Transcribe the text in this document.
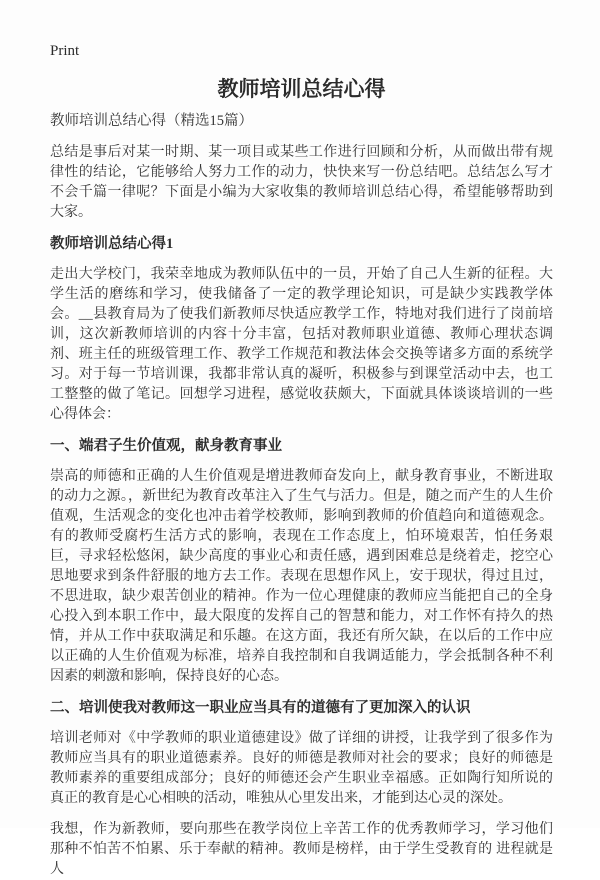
Print
教师培训总结心得
教师培训总结心得（精选15篇）

总结是事后对某一时期、某一项目或某些工作进行回顾和分析，从而做出带有规律性的结论，它能够给人努力工作的动力，快快来写一份总结吧。总结怎么写才不会千篇一律呢？下面是小编为大家收集的教师培训总结心得，希望能够帮助到大家。

教师培训总结心得1

走出大学校门，我荣幸地成为教师队伍中的一员，开始了自己人生新的征程。大学生活的磨练和学习，使我储备了一定的教学理论知识，可是缺少实践教学体会。__县教育局为了使我们新教师尽快适应教学工作，特地对我们进行了岗前培训，这次新教师培训的内容十分丰富，包括对教师职业道德、教师心理状态调剂、班主任的班级管理工作、教学工作规范和教法体会交换等诸多方面的系统学习。对于每一节培训课，我都非常认真的凝听，积极参与到课堂活动中去，也工工整整的做了笔记。回想学习进程，感觉收获颇大，下面就具体谈谈培训的一些心得体会：

一、端君子生价值观，献身教育事业

崇高的师德和正确的人生价值观是增进教师奋发向上，献身教育事业，不断进取的动力之源。，新世纪为教育改革注入了生气与活力。但是，随之而产生的人生价值观，生活观念的变化也冲击着学校教师，影响到教师的价值趋向和道德观念。有的教师受腐朽生活方式的影响，表现在工作态度上，怕环境艰苦，怕任务艰巨，寻求轻松悠闲，缺少高度的事业心和责任感，遇到困难总是绕着走，挖空心思地要求到条件舒服的地方去工作。表现在思想作风上，安于现状，得过且过，不思进取，缺少艰苦创业的精神。作为一位心理健康的教师应当能把自己的全身心投入到本职工作中，最大限度的发挥自己的智慧和能力，对工作怀有持久的热情，并从工作中获取满足和乐趣。在这方面，我还有所欠缺，在以后的工作中应以正确的人生价值观为标准，培养自我控制和自我调适能力，学会抵制各种不利因素的刺激和影响，保持良好的心态。

二、培训使我对教师这一职业应当具有的道德有了更加深入的认识

培训老师对《中学教师的职业道德建设》做了详细的讲授，让我学到了很多作为教师应当具有的职业道德素养。良好的师德是教师对社会的要求；良好的师德是教师素养的重要组成部分；良好的师德还会产生职业幸福感。正如陶行知所说的真正的教育是心心相映的活动，唯独从心里发出来，才能到达心灵的深处。

我想，作为新教师，要向那些在教学岗位上辛苦工作的优秀教师学习，学习他们那种不怕苦不怕累、乐于奉献的精神。教师是榜样，由于学生受教育的 进程就是人
